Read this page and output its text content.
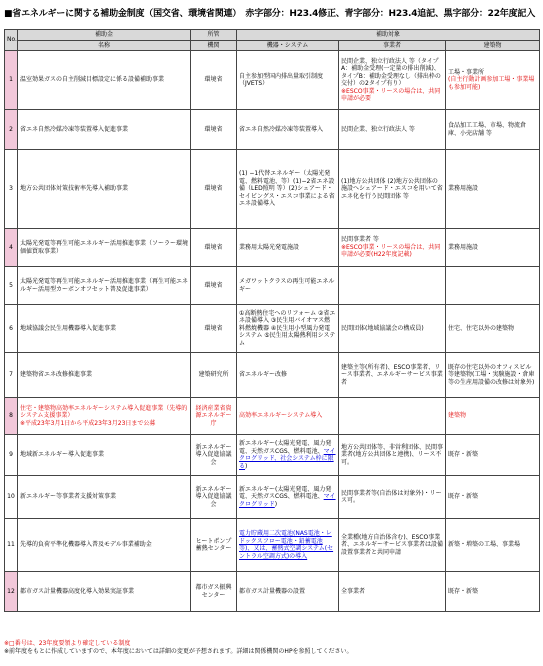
■省エネルギーに関する補助金制度（国交省、環境省関連）　赤字部分：H23.4修正、青字部分：H23.4追記、黒字部分：22年度記入
No.	補助金	所管	補助対象		
	名称	機関	機器・システム	事業者	建築物
1	温室効果ガスの自主削減目標設定に係る設備補助事業	環境省	自主参加型国内排出量取引制度（JVETS）	民間企業、独立行政法人 等（タイプA：補助金受理(一定量の排出削減)、タイプB：補助金受理なし（排出枠の交付）の2タイプ有り）
※ESCO事業・リースの場合は、共同申請が必要	工場・事業所
(自主行動計画参加工場・事業場も参加可能)
2	省エネ自然冷媒冷凍等装置導入促進事業	環境省	省エネ自然冷媒冷凍等装置導入	民間企業、独立行政法人 等	食品加工工場、市場、物流倉庫、小売店舗 等
3	地方公共団体対策技術率先導入補助事業	環境省	(1) −1代替エネルギー（太陽光発電、燃料電池、等）(1)−2省エネ設備（LED照明 等）(2)シェアード・セイビングス・エスコ事業による省エネ設備導入	(1)地方公共団体 (2)地方公共団体の施設へシェアード・エスコを用いて省エネ化を行う民間団体 等	業務用施設
4	太陽光発電等再生可能エネルギー活用推進事業（ソーラー環境価値買取事業）	環境省	業務用太陽光発電施設	民間事業者 等
※ESCO事業・リースの場合は、共同申請が必要(H22年度記載)	業務用施設
5	太陽光発電等再生可能エネルギー活用推進事業（再生可能エネルギー活用型カーボンオフセット普及促進事業）	環境省	メガワットクラスの再生可能エネルギー		
6	地域協議会民生用機器導入促進事業	環境省	①高断熱住宅へのリフォーム ②省エネ設備導入 ③民生用バイオマス燃料燃焼機器 ④民生用小型風力発電システム ⑤民生用太陽熱利用システム	民間団体(地域協議会の構成員)	住宅、住宅以外の建築物
7	建築物省エネ改修推進事業	建築研究所	省エネルギー改修	建築主等(所有者)、ESCO事業者、リース事業者、エネルギーサービス事業者	既存の住宅以外のオフィスビル等建築物(工場・実験施設・倉庫等の生産用設備の改修は対象外)
8	住宅・建築物高効率エネルギーシステム導入促進事業（先導的システム支援事業）
※平成23年3月1日から平成23年3月23日まで公募	経済産業省資源エネルギー庁	高効率エネルギーシステム導入		建築物
9	地域新エネルギー導入促進事業	新エネルギー導入促進協議会	新エネルギー(太陽光発電、風力発電、天然ガスCGS、燃料電池、マイクログリッド、社会システム枠に限る)	地方公共団体等、非営利団体、民間事業者(地方公共団体と連携)、リース不可。	既存・新築
10	新エネルギー等事業者支援対策事業	新エネルギー導入促進協議会	新エネルギー(太陽光発電、風力発電、天然ガスCGS、燃料電池、マイクログリッド)	民間事業者等(自治体は対象外)・リース可。	既存・新築
11	先導的負荷平準化機器導入普及モデル事業補助金	ヒートポンプ蓄熱センター	電力貯蔵用二次電池(NAS電池・レドックスフロー電池・鉛蓄電池等)、又は、蓄熱式空調システム(セントラル空調方式)の導入	全業種(地方自治体含む)、ESCO事業者、エネルギーサービス事業者は設備設置事業者と共同申請	新築・増築の工場、事業場
12	都市ガス計量機器高度化導入効果実証事業	都市ガス振興センター	都市ガス計量機器の設置	全事業者	既存・新築
※□番号は、23年度要領より確定している制度
※前年度をもとに作成していますので、本年度においては詳細の変更が予想されます。詳細は関係機関のHPを参照してください。
